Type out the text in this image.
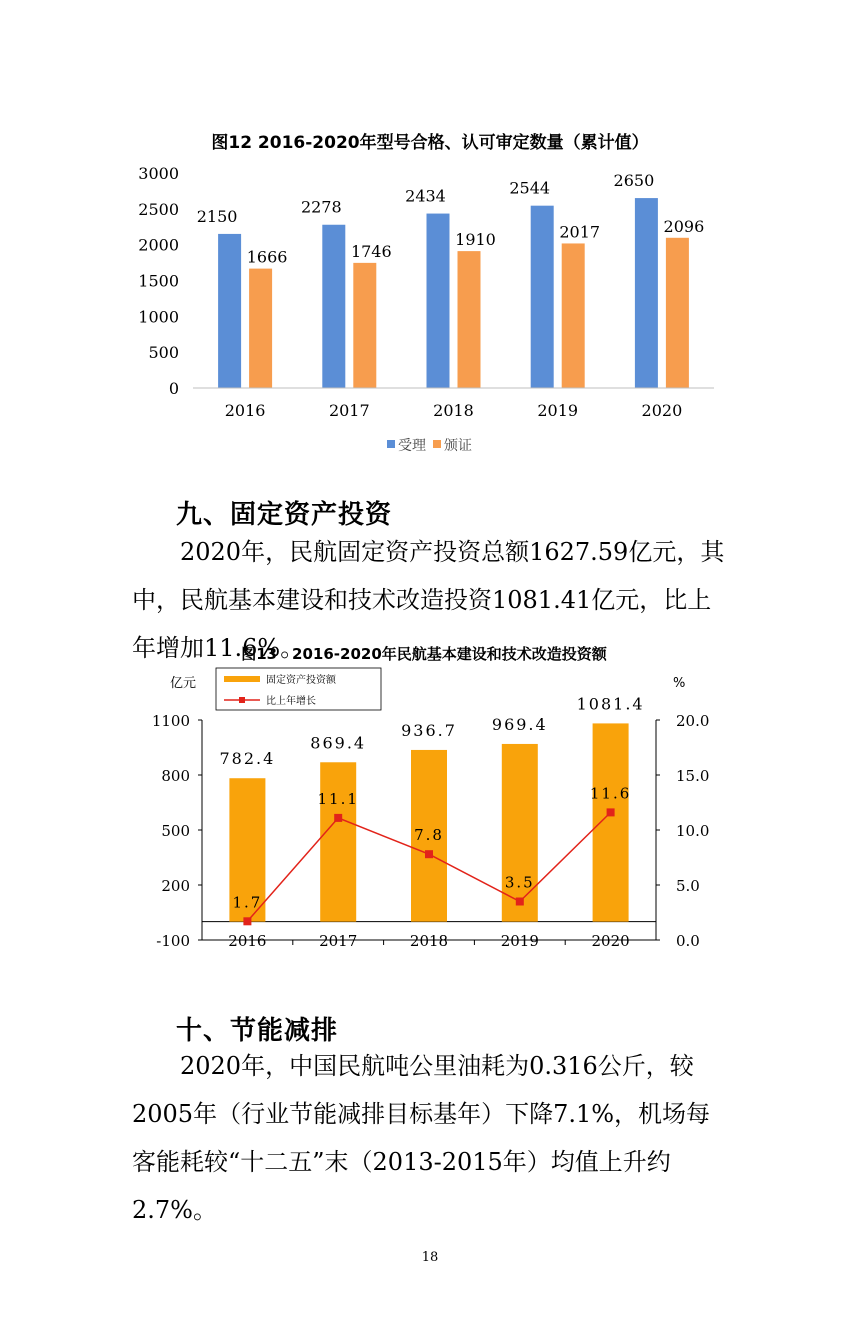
图12 2016-2020年型号合格、认可审定数量（累计值）
0
500
1000
1500
2000
2500
3000
2150
1666
2278
1746
2434
1910
2544
2017
2650
2096
2016	2017	2018	2019	2020
受理 颁证
九、固定资产投资

2020年，民航固定资产投资总额1627.59亿元，其中，民航基本建设和技术改造投资1081.41亿元，比上年增加11.6%。

图13　2016-2020年民航基本建设和技术改造投资额
亿元	%
固定资产投资额
比上年增长
-100
200
500
800
1100
0.0
5.0
10.0
15.0
20.0
2016	2017	2018	2019	2020
782.4
869.4
936.7 969.4
1081.4
1.7
11.1
7.8
3.5
11.6
十、节能减排

2020年，中国民航吨公里油耗为0.316公斤，较2005年（行业节能减排目标基年）下降7.1%，机场每客能耗较“十二五”末（2013-2015年）均值上升约2.7%。

18
